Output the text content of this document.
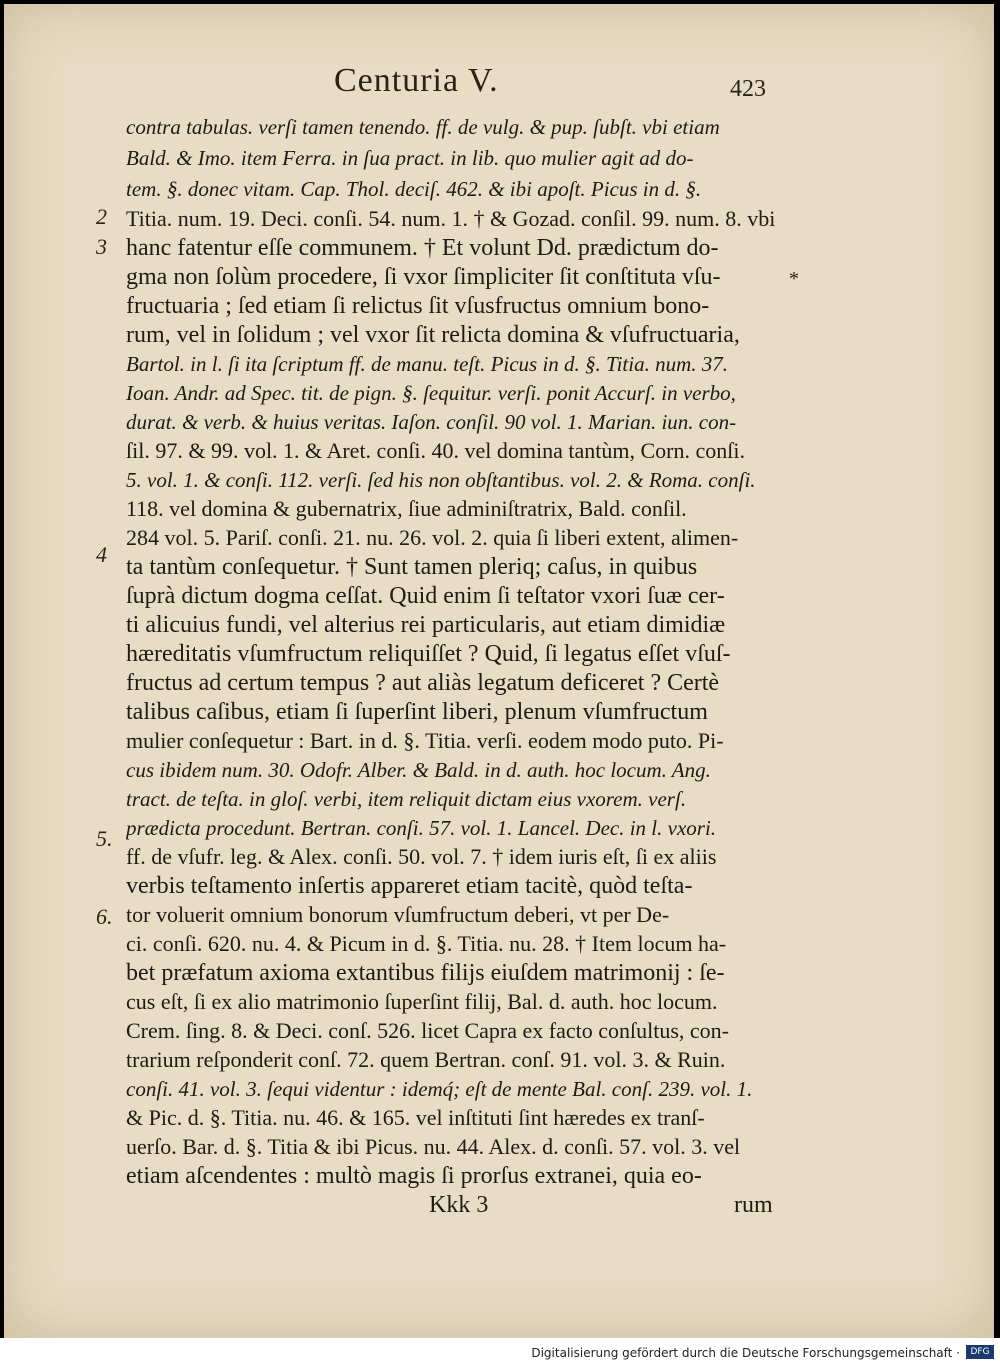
Centuria V.	423
2
3
4
5.
6.
*
contra tabulas. verſi tamen tenendo. ff. de vulg. & pup. ſubſt. vbi etiam
Bald. & Imo. item Ferra. in ſua pract. in lib. quo mulier agit ad do-
tem. §. donec vitam. Cap. Thol. deciſ. 462. & ibi apoſt. Picus in d. §.
Titia. num. 19. Deci. conſi. 54. num. 1. † & Gozad. conſil. 99. num. 8. vbi
hanc fatentur eſſe communem. † Et volunt Dd. prædictum do-
gma non ſolùm procedere, ſi vxor ſimpliciter ſit conſtituta vſu-
fructuaria ; ſed etiam ſi relictus ſit vſusfructus omnium bono-
rum, vel in ſolidum ; vel vxor ſit relicta domina & vſufructuaria,
Bartol. in l. ſi ita ſcriptum ff. de manu. teſt. Picus in d. §. Titia. num. 37.
Ioan. Andr. ad Spec. tit. de pign. §. ſequitur. verſi. ponit Accurſ. in verbo,
durat. & verb. & huius veritas. Iaſon. conſil. 90 vol. 1. Marian. iun. con-
ſil. 97. & 99. vol. 1. & Aret. conſi. 40. vel domina tantùm, Corn. conſi.
5. vol. 1. & conſi. 112. verſi. ſed his non obſtantibus. vol. 2. & Roma. conſi.
118. vel domina & gubernatrix, ſiue adminiſtratrix, Bald. conſil.
284 vol. 5. Pariſ. conſi. 21. nu. 26. vol. 2. quia ſi liberi extent, alimen-
ta tantùm conſequetur. † Sunt tamen pleriq; caſus, in quibus
ſuprà dictum dogma ceſſat. Quid enim ſi teſtator vxori ſuæ cer-
ti alicuius fundi, vel alterius rei particularis, aut etiam dimidiæ
hæreditatis vſumfructum reliquiſſet ? Quid, ſi legatus eſſet vſuſ-
fructus ad certum tempus ? aut aliàs legatum deficeret ? Certè
talibus caſibus, etiam ſi ſuperſint liberi, plenum vſumfructum
mulier conſequetur : Bart. in d. §. Titia. verſi. eodem modo puto. Pi-
cus ibidem num. 30. Odofr. Alber. & Bald. in d. auth. hoc locum. Ang.
tract. de teſta. in gloſ. verbi, item reliquit dictam eius vxorem. verſ.
prædicta procedunt. Bertran. conſi. 57. vol. 1. Lancel. Dec. in l. vxori.
ff. de vſufr. leg. & Alex. conſi. 50. vol. 7. † idem iuris eſt, ſi ex aliis
verbis teſtamento inſertis appareret etiam tacitè, quòd teſta-
tor voluerit omnium bonorum vſumfructum deberi, vt per De-
ci. conſi. 620. nu. 4. & Picum in d. §. Titia. nu. 28. † Item locum ha-
bet præfatum axioma extantibus filijs eiuſdem matrimonij : ſe-
cus eſt, ſi ex alio matrimonio ſuperſint filij, Bal. d. auth. hoc locum.
Crem. ſing. 8. & Deci. conſ. 526. licet Capra ex facto conſultus, con-
trarium reſponderit conſ. 72. quem Bertran. conſ. 91. vol. 3. & Ruin.
conſi. 41. vol. 3. ſequi videntur : idemq́; eſt de mente Bal. conſ. 239. vol. 1.
& Pic. d. §. Titia. nu. 46. & 165. vel inſtituti ſint hæredes ex tranſ-
uerſo. Bar. d. §. Titia & ibi Picus. nu. 44. Alex. d. conſi. 57. vol. 3. vel
etiam aſcendentes : multò magis ſi prorſus extranei, quia eo-
Kkk 3	rum
Digitalisierung gefördert durch die Deutsche Forschungsgemeinschaft ·	DFG
